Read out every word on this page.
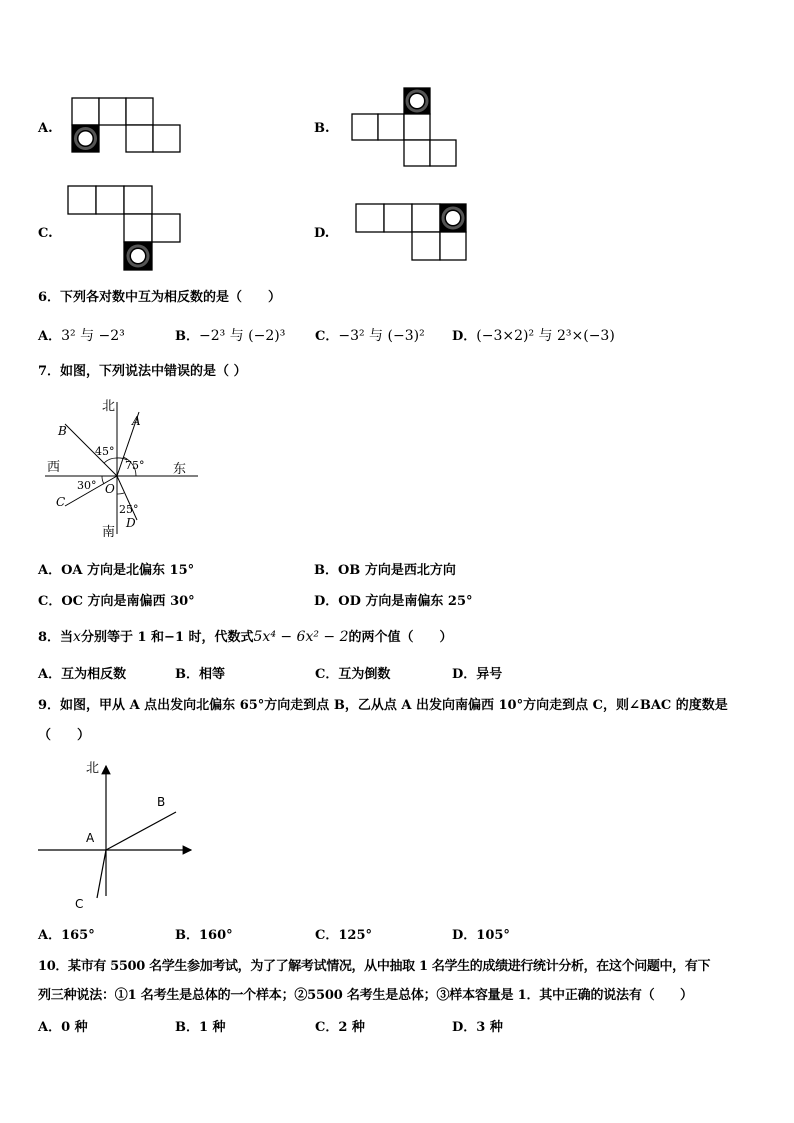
A.	B.
C.	D.
6．下列各对数中互为相反数的是（　　）
A．3² 与 −2³	B．−2³ 与 (−2)³ C．−3² 与 (−3)² D．(−3×2)² 与 2³×(−3)
7．如图，下列说法中错误的是（ ）
北
南
西	东
A
B
C
D
O
45°
75°
30°
25°
A．OA 方向是北偏东 15°	B．OB 方向是西北方向
C．OC 方向是南偏西 30°	D．OD 方向是南偏东 25°
8．当x分别等于 1 和−1 时，代数式5x⁴ − 6x² − 2的两个值（　　）
A．互为相反数	B．相等	C．互为倒数	D．异号
9．如图，甲从 A 点出发向北偏东 65°方向走到点 B，乙从点 A 出发向南偏西 10°方向走到点 C，则∠BAC 的度数是
（　　）
北
A
B
C
A．165°	B．160°	C．125°	D．105°
10．某市有 5500 名学生参加考试，为了了解考试情况，从中抽取 1 名学生的成绩进行统计分析，在这个问题中，有下
列三种说法：①1 名考生是总体的一个样本；②5500 名考生是总体；③样本容量是 1．其中正确的说法有（　　）
A．0 种	B．1 种	C．2 种	D．3 种
